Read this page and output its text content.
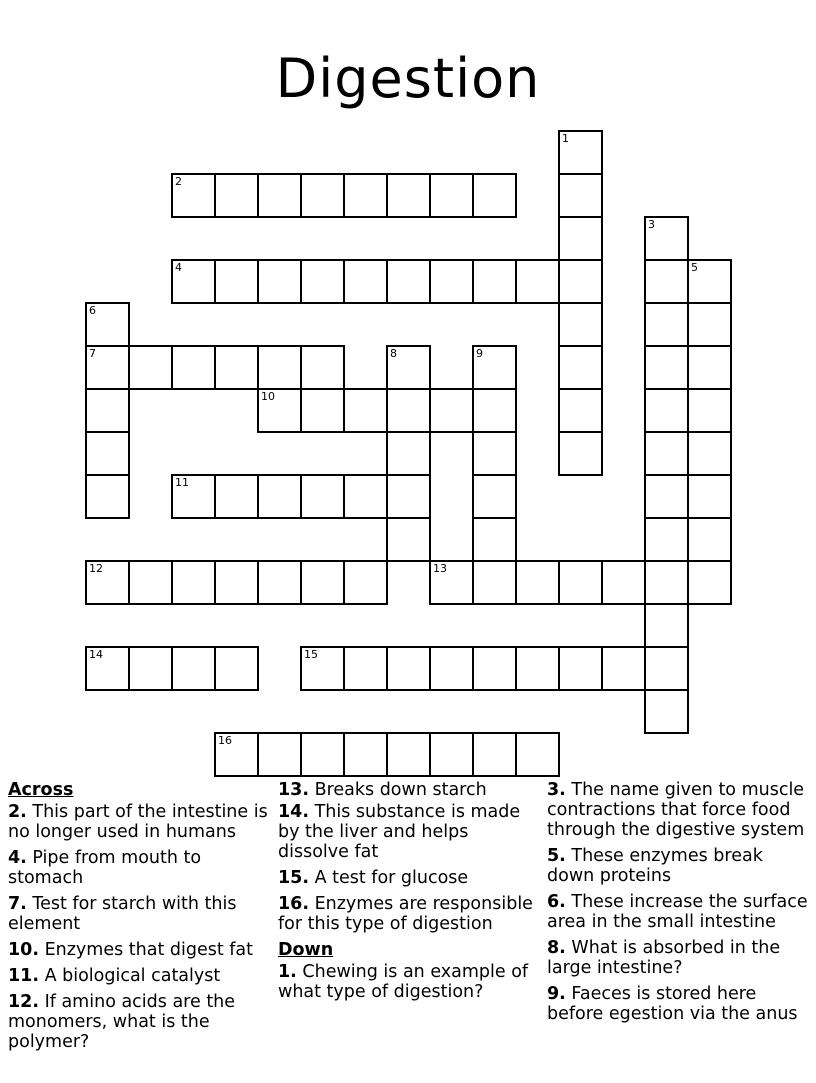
Digestion
1
2
3
4	5
6
7	8	9
10
11
12	13
14	15
16
Across
2. This part of the intestine is no longer used in humans
4. Pipe from mouth to stomach
7. Test for starch with this element
10. Enzymes that digest fat
11. A biological catalyst
12. If amino acids are the monomers, what is the polymer?
13. Breaks down starch
14. This substance is made by the liver and helps dissolve fat
15. A test for glucose
16. Enzymes are responsible for this type of digestion
Down
1. Chewing is an example of what type of digestion?
3. The name given to muscle contractions that force food through the digestive system
5. These enzymes break down proteins
6. These increase the surface area in the small intestine
8. What is absorbed in the large intestine?
9. Faeces is stored here before egestion via the anus
